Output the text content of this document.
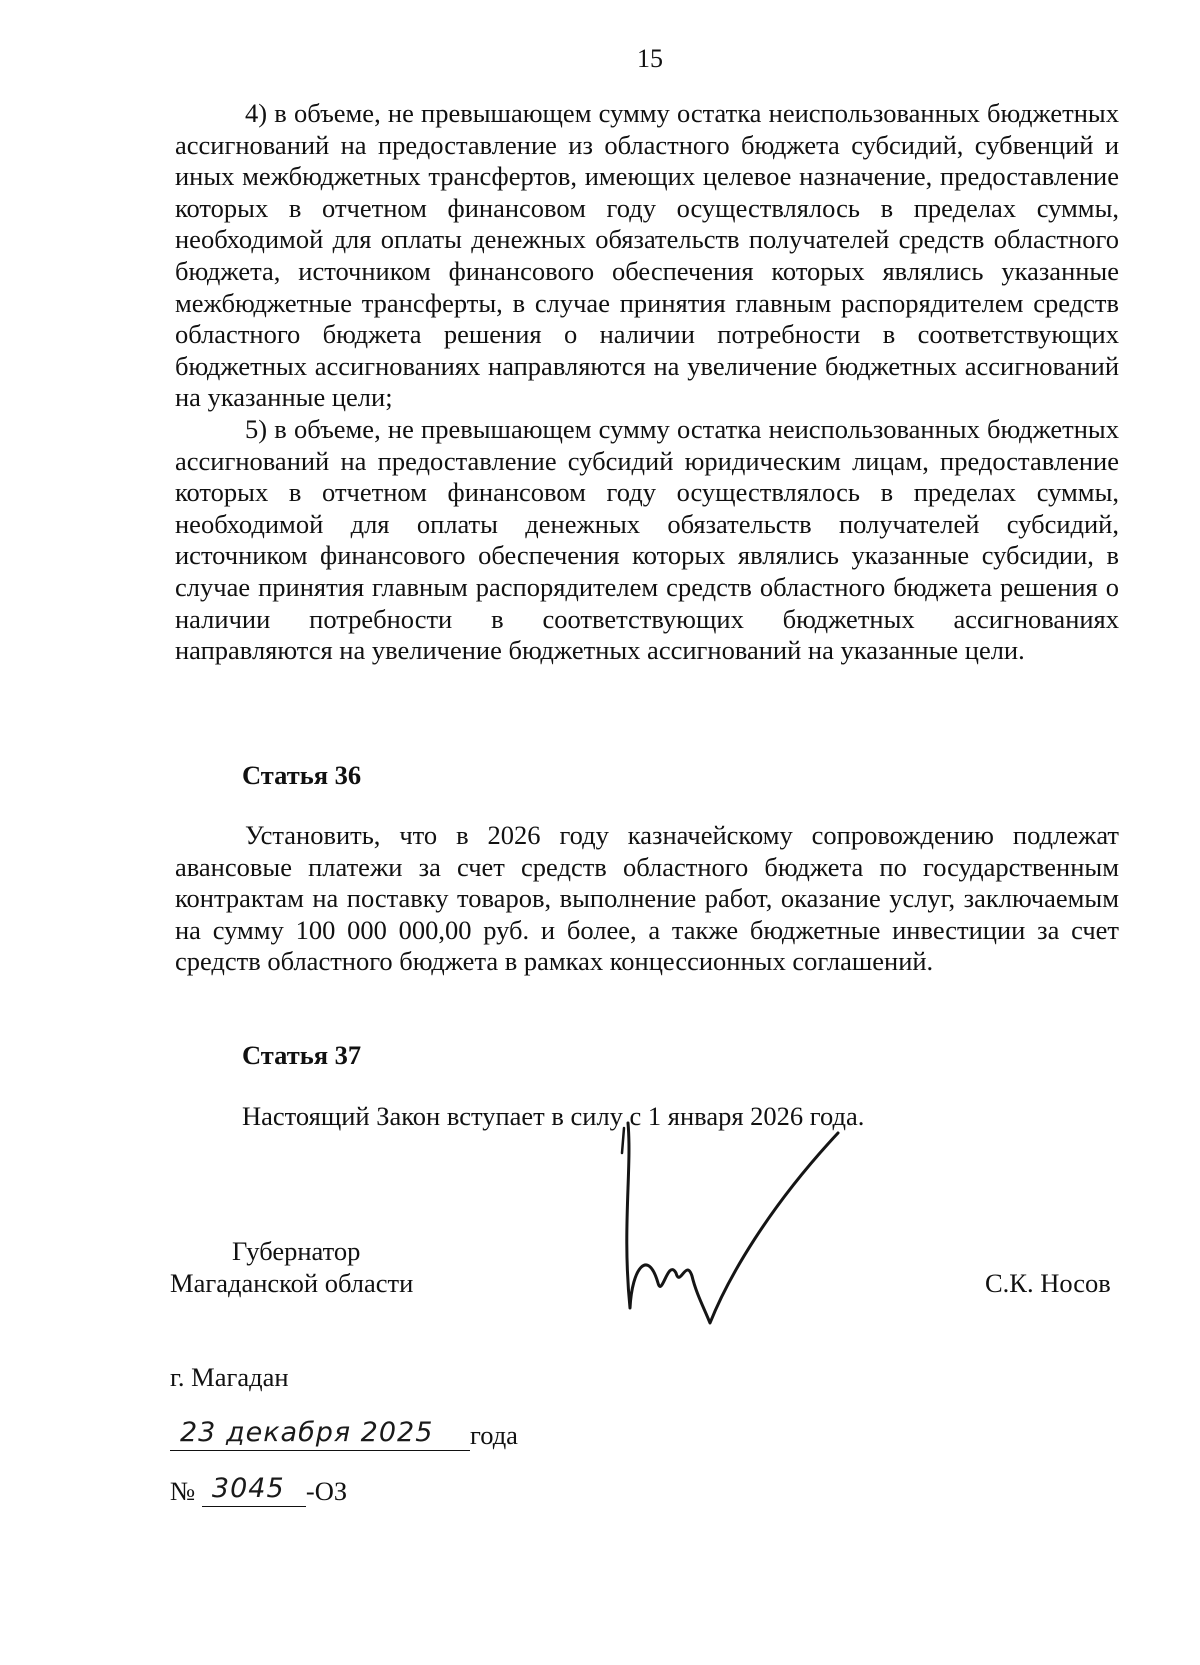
15

4) в объеме, не превышающем сумму остатка неиспользованных бюджетных ассигнований на предоставление из областного бюджета субсидий, субвенций и иных межбюджетных трансфертов, имеющих целевое назначение, предоставление которых в отчетном финансовом году осуществлялось в пределах суммы, необходимой для оплаты денежных обязательств получателей средств областного бюджета, источником финансового обеспечения которых являлись указанные межбюджетные трансферты, в случае принятия главным распорядителем средств областного бюджета решения о наличии потребности в соответствующих бюджетных ассигнованиях направляются на увеличение бюджетных ассигнований на указанные цели;

5) в объеме, не превышающем сумму остатка неиспользованных бюджетных ассигнований на предоставление субсидий юридическим лицам, предоставление которых в отчетном финансовом году осуществлялось в пределах суммы, необходимой для оплаты денежных обязательств получателей субсидий, источником финансового обеспечения которых являлись указанные субсидии, в случае принятия главным распорядителем средств областного бюджета решения о наличии потребности в соответствующих бюджетных ассигнованиях направляются на увеличение бюджетных ассигнований на указанные цели.

Статья 36

Установить, что в 2026 году казначейскому сопровождению подлежат авансовые платежи за счет средств областного бюджета по государственным контрактам на поставку товаров, выполнение работ, оказание услуг, заключаемым на сумму 100 000 000,00 руб. и более, а также бюджетные инвестиции за счет средств областного бюджета в рамках концессионных соглашений.

Статья 37
Настоящий Закон вступает в силу с 1 января 2026 года.
Губернатор
Магаданской области	С.К. Носов
г. Магадан
23 декабря 2025 года
№ 3045 -ОЗ
